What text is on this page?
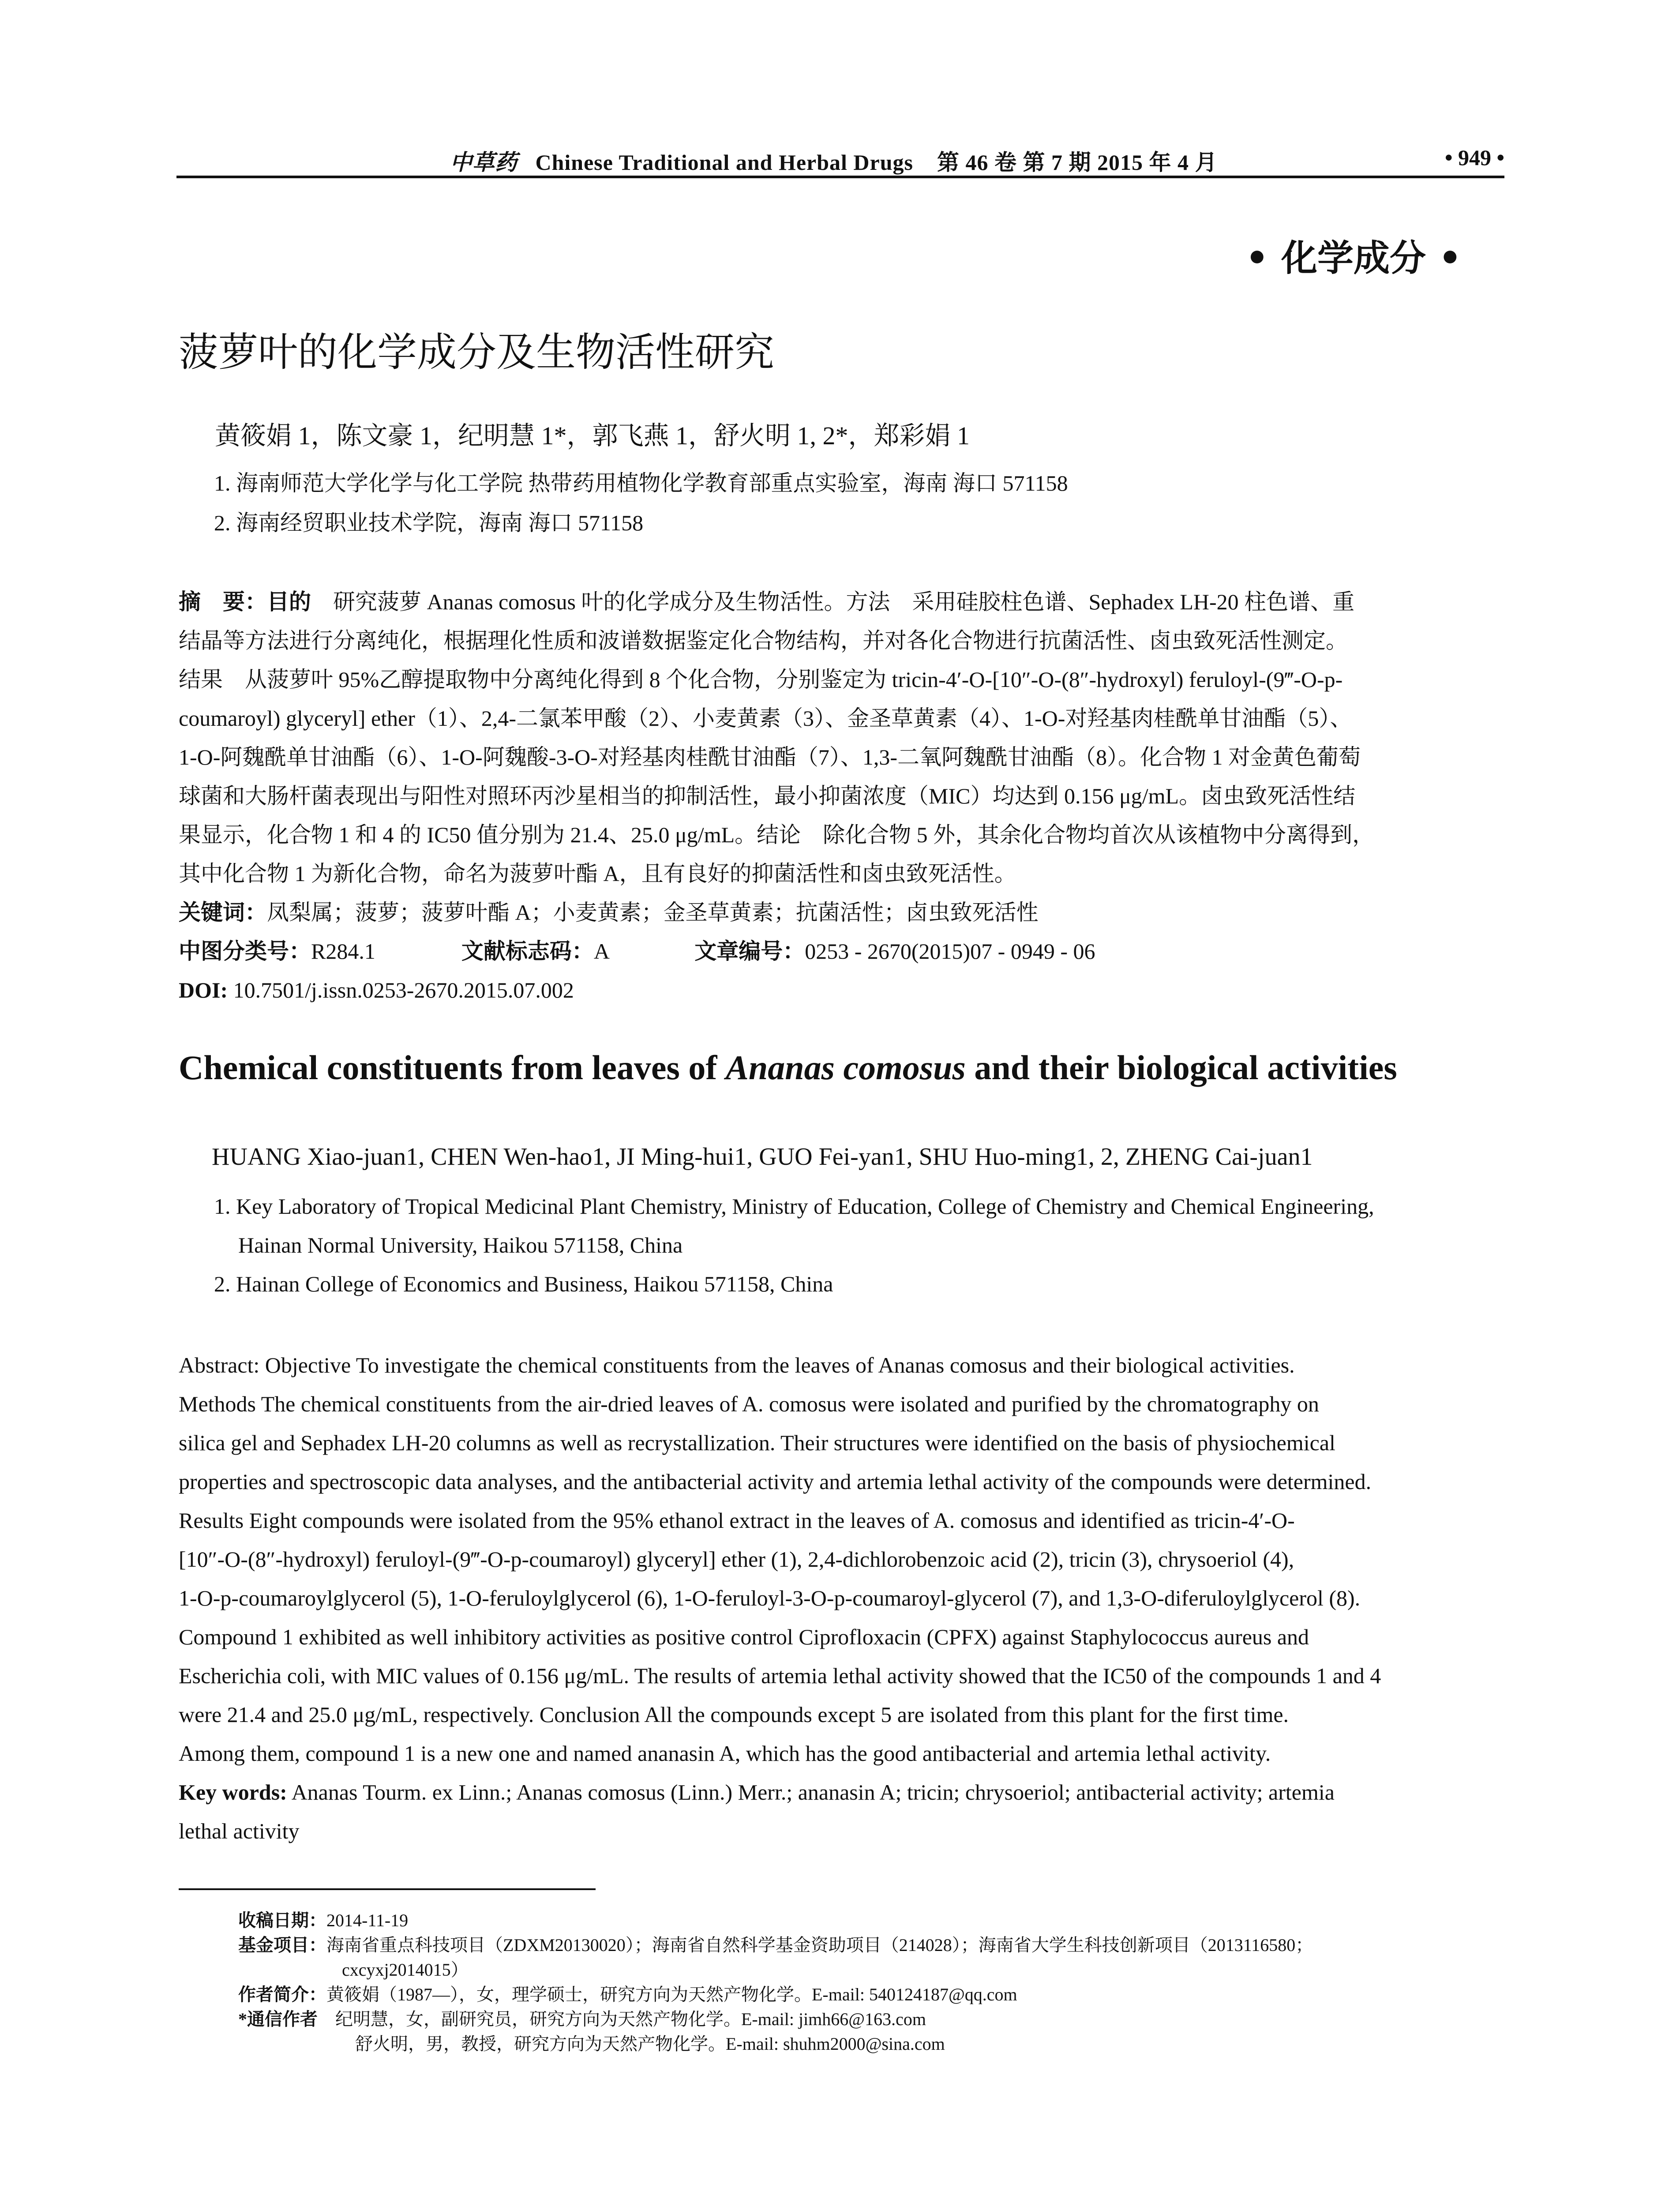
中草药 Chinese Traditional and Herbal Drugs 第 46 卷 第 7 期 2015 年 4 月	• 949 •
• 化学成分 •
菠萝叶的化学成分及生物活性研究
黄筱娟 1，陈文豪 1，纪明慧 1*，郭飞燕 1，舒火明 1, 2*，郑彩娟 1
1. 海南师范大学化学与化工学院 热带药用植物化学教育部重点实验室，海南 海口 571158
2. 海南经贸职业技术学院，海南 海口 571158
摘　要：目的　 研究菠萝 Ananas comosus 叶的化学成分及生物活性。方法　采用硅胶柱色谱、Sephadex LH-20 柱色谱、重
结晶等方法进行分离纯化，根据理化性质和波谱数据鉴定化合物结构，并对各化合物进行抗菌活性、卤虫致死活性测定。
结果　从菠萝叶 95%乙醇提取物中分离纯化得到 8 个化合物，分别鉴定为 tricin-4′-O-[10″-O-(8″-hydroxyl) feruloyl-(9‴-O-p-
coumaroyl) glyceryl] ether（1）、2,4-二氯苯甲酸（2）、小麦黄素（3）、金圣草黄素（4）、1-O-对羟基肉桂酰单甘油酯（5）、
1-O-阿魏酰单甘油酯（6）、1-O-阿魏酸-3-O-对羟基肉桂酰甘油酯（7）、1,3-二氧阿魏酰甘油酯（8）。化合物 1 对金黄色葡萄
球菌和大肠杆菌表现出与阳性对照环丙沙星相当的抑制活性，最小抑菌浓度（MIC）均达到 0.156 μg/mL。卤虫致死活性结
果显示，化合物 1 和 4 的 IC50 值分别为 21.4、25.0 μg/mL。结论　除化合物 5 外，其余化合物均首次从该植物中分离得到，
其中化合物 1 为新化合物，命名为菠萝叶酯 A，且有良好的抑菌活性和卤虫致死活性。
关键词：凤梨属；菠萝；菠萝叶酯 A；小麦黄素；金圣草黄素；抗菌活性；卤虫致死活性
中图分类号：R284.1	文献标志码：A	文章编号：0253 - 2670(2015)07 - 0949 - 06
DOI: 10.7501/j.issn.0253-2670.2015.07.002
Chemical constituents from leaves of Ananas comosus and their biological activities
HUANG Xiao-juan1, CHEN Wen-hao1, JI Ming-hui1, GUO Fei-yan1, SHU Huo-ming1, 2, ZHENG Cai-juan1
1. Key Laboratory of Tropical Medicinal Plant Chemistry, Ministry of Education, College of Chemistry and Chemical Engineering,
Hainan Normal University, Haikou 571158, China
2. Hainan College of Economics and Business, Haikou 571158, China
Abstract: Objective To investigate the chemical constituents from the leaves of Ananas comosus and their biological activities.
Methods The chemical constituents from the air-dried leaves of A. comosus were isolated and purified by the chromatography on
silica gel and Sephadex LH-20 columns as well as recrystallization. Their structures were identified on the basis of physiochemical
properties and spectroscopic data analyses, and the antibacterial activity and artemia lethal activity of the compounds were determined.
Results Eight compounds were isolated from the 95% ethanol extract in the leaves of A. comosus and identified as tricin-4′-O-
[10″-O-(8″-hydroxyl) feruloyl-(9‴-O-p-coumaroyl) glyceryl] ether (1), 2,4-dichlorobenzoic acid (2), tricin (3), chrysoeriol (4),
1-O-p-coumaroylglycerol (5), 1-O-feruloylglycerol (6), 1-O-feruloyl-3-O-p-coumaroyl-glycerol (7), and 1,3-O-diferuloylglycerol (8).
Compound 1 exhibited as well inhibitory activities as positive control Ciprofloxacin (CPFX) against Staphylococcus aureus and
Escherichia coli, with MIC values of 0.156 μg/mL. The results of artemia lethal activity showed that the IC50 of the compounds 1 and 4
were 21.4 and 25.0 μg/mL, respectively. Conclusion All the compounds except 5 are isolated from this plant for the first time.
Among them, compound 1 is a new one and named ananasin A, which has the good antibacterial and artemia lethal activity.
Key words: Ananas Tourm. ex Linn.; Ananas comosus (Linn.) Merr.; ananasin A; tricin; chrysoeriol; antibacterial activity; artemia
lethal activity
收稿日期：2014-11-19
基金项目：海南省重点科技项目（ZDXM20130020）；海南省自然科学基金资助项目（214028）；海南省大学生科技创新项目（2013116580；
cxcyxj2014015）
作者简介：黄筱娟（1987—），女，理学硕士，研究方向为天然产物化学。E-mail: 540124187@qq.com
*通信作者　 纪明慧，女，副研究员，研究方向为天然产物化学。E-mail: jimh66@163.com
舒火明，男，教授，研究方向为天然产物化学。E-mail: shuhm2000@sina.com
